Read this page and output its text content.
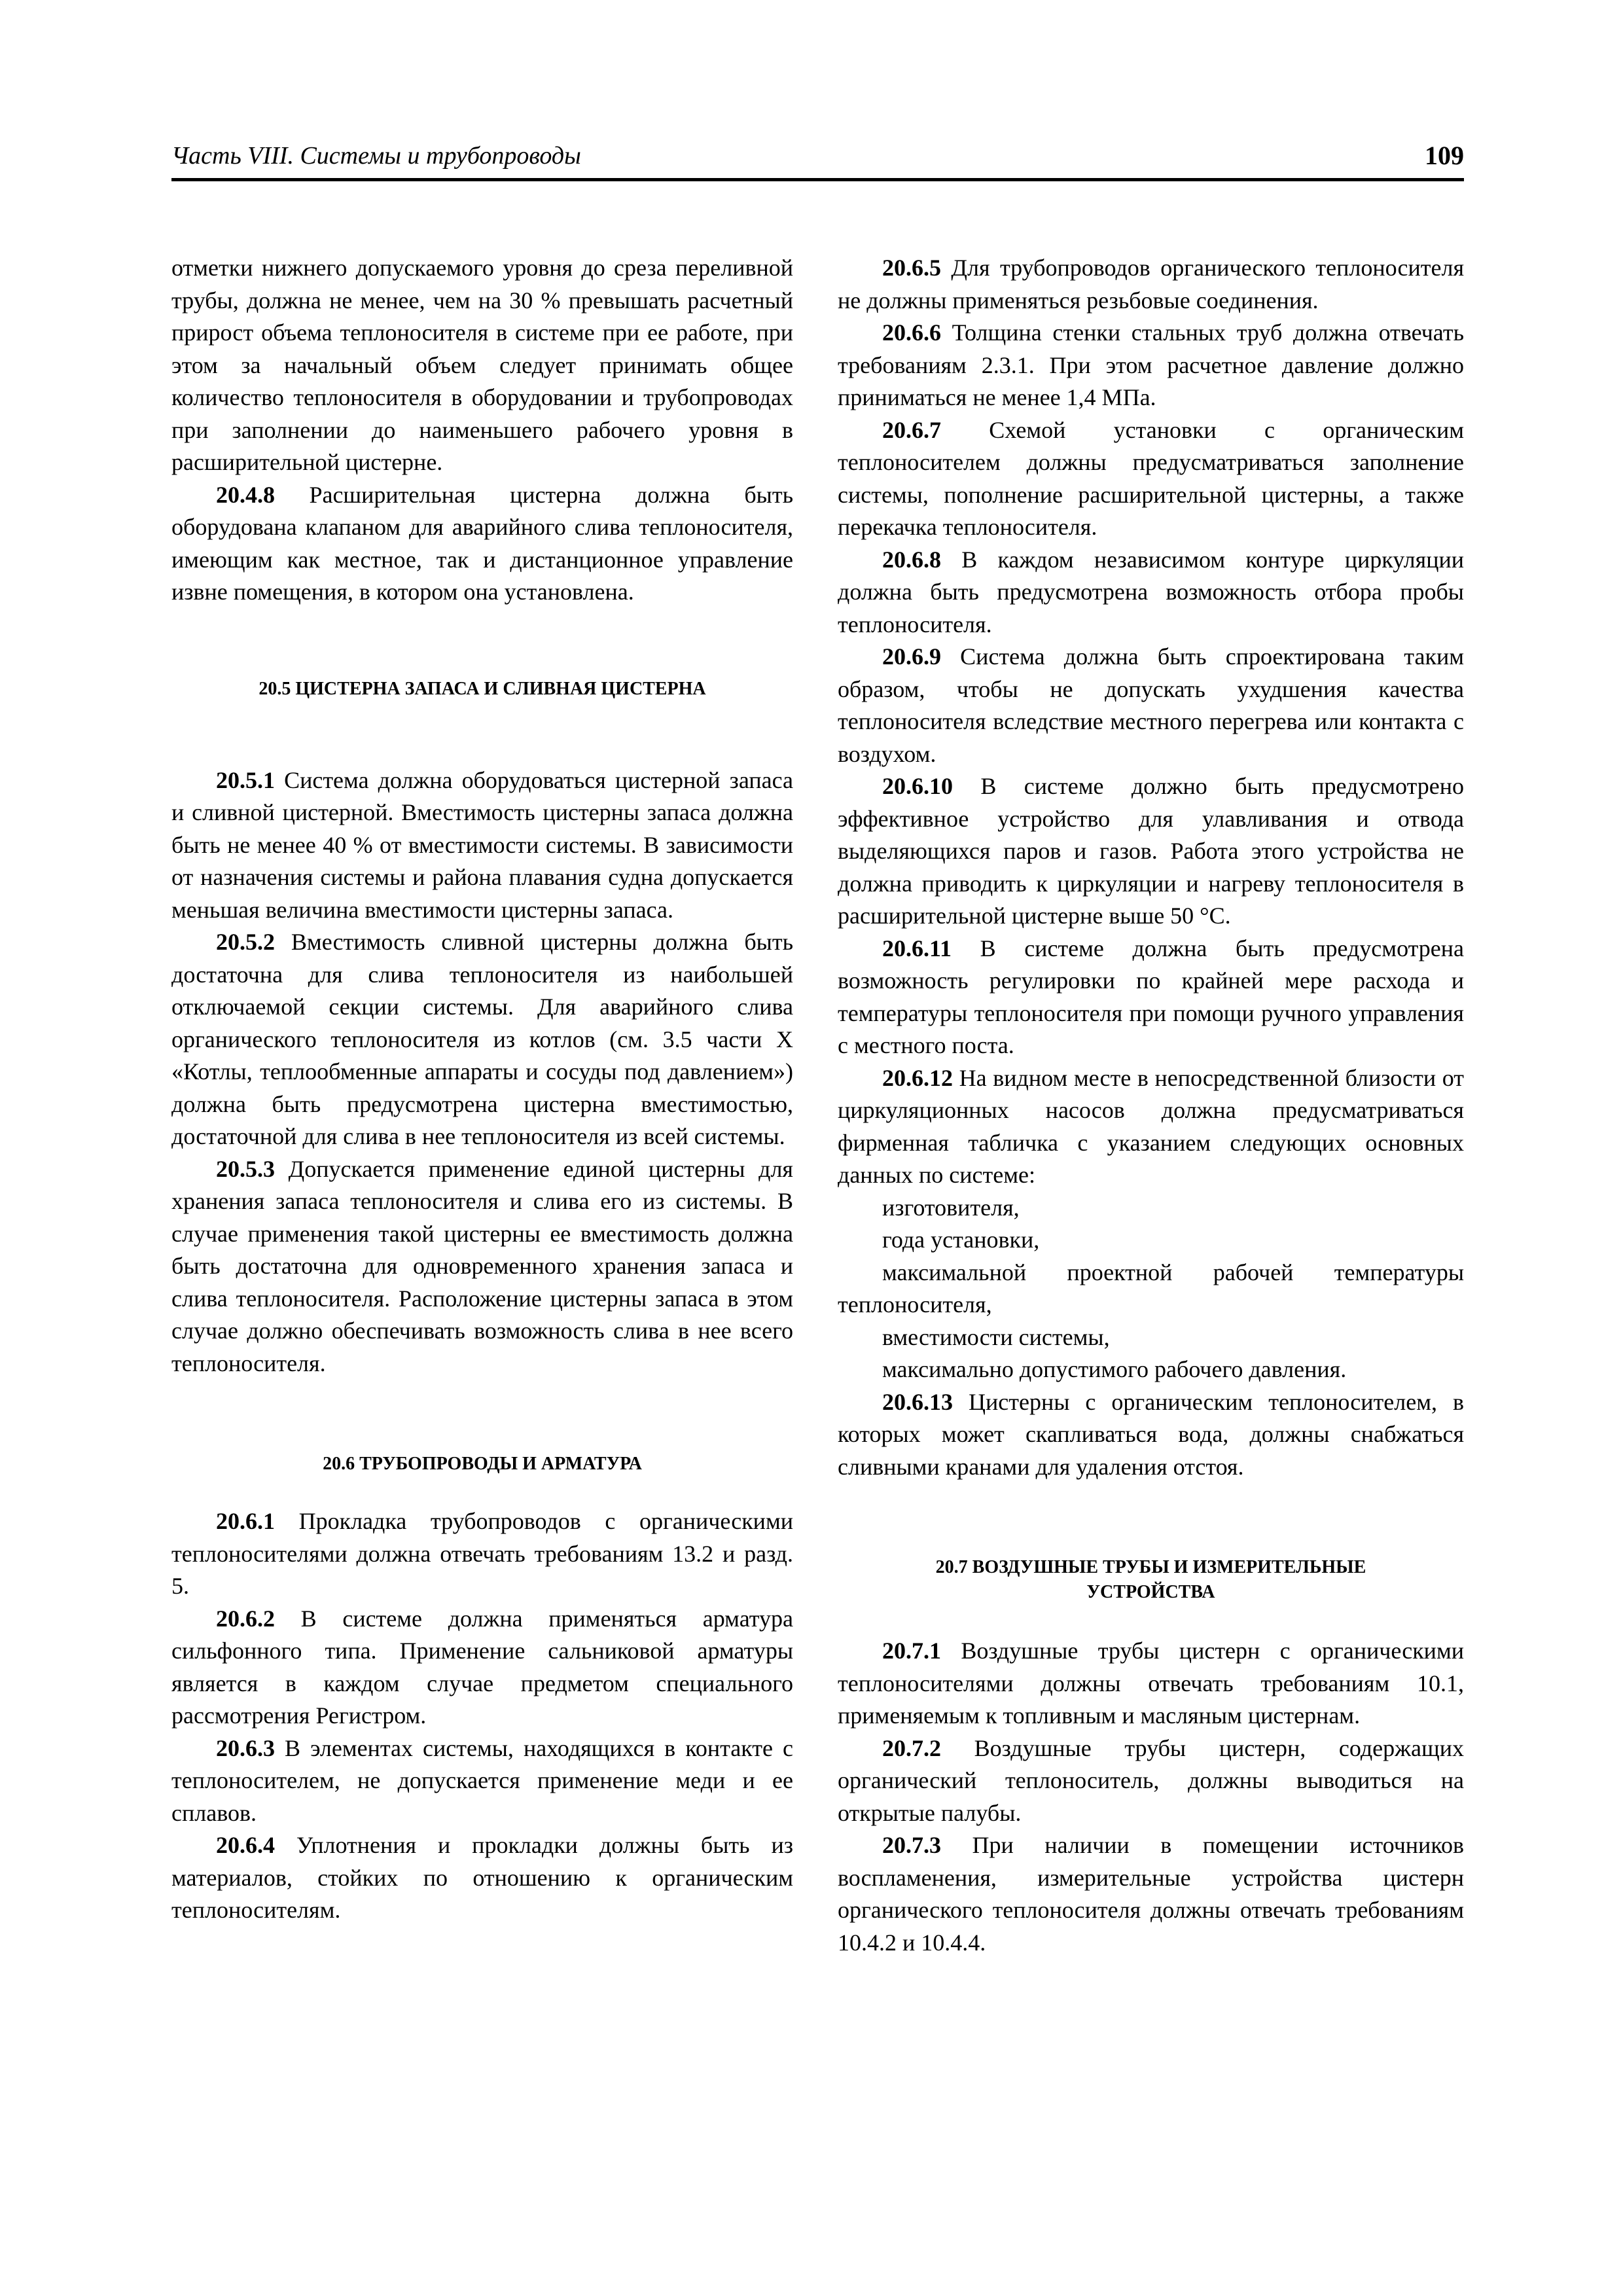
Часть VIII. Системы и трубопроводы	109

отметки нижнего допускаемого уровня до среза переливной трубы, должна не менее, чем на 30 % превышать расчетный прирост объема теплоносителя в системе при ее работе, при этом за начальный объем следует принимать общее количество теплоносителя в оборудовании и трубопроводах при заполнении до наименьшего рабочего уровня в расширительной цистерне.

20.4.8 Расширительная цистерна должна быть оборудована клапаном для аварийного слива теплоносителя, имеющим как местное, так и дистанционное управление извне помещения, в котором она установлена.

20.5 ЦИСТЕРНА ЗАПАСА И СЛИВНАЯ ЦИСТЕРНА

20.5.1 Система должна оборудоваться цистерной запаса и сливной цистерной. Вместимость цистерны запаса должна быть не менее 40 % от вместимости системы. В зависимости от назначения системы и района плавания судна допускается меньшая величина вместимости цистерны запаса.

20.5.2 Вместимость сливной цистерны должна быть достаточна для слива теплоносителя из наибольшей отключаемой секции системы. Для аварийного слива органического теплоносителя из котлов (см. 3.5 части X «Котлы, теплообменные аппараты и сосуды под давлением») должна быть предусмотрена цистерна вместимостью, достаточной для слива в нее теплоносителя из всей системы.

20.5.3 Допускается применение единой цистерны для хранения запаса теплоносителя и слива его из системы. В случае применения такой цистерны ее вместимость должна быть достаточна для одновременного хранения запаса и слива теплоносителя. Расположение цистерны запаса в этом случае должно обеспечивать возможность слива в нее всего теплоносителя.

20.6 ТРУБОПРОВОДЫ И АРМАТУРА

20.6.1 Прокладка трубопроводов с органическими теплоносителями должна отвечать требованиям 13.2 и разд. 5.

20.6.2 В системе должна применяться арматура сильфонного типа. Применение сальниковой арматуры является в каждом случае предметом специального рассмотрения Регистром.

20.6.3 В элементах системы, находящихся в контакте с теплоносителем, не допускается применение меди и ее сплавов.

20.6.4 Уплотнения и прокладки должны быть из материалов, стойких по отношению к органическим теплоносителям.

20.6.5 Для трубопроводов органического теплоносителя не должны применяться резьбовые соединения.

20.6.6 Толщина стенки стальных труб должна отвечать требованиям 2.3.1. При этом расчетное давление должно приниматься не менее 1,4 МПа.

20.6.7 Схемой установки с органическим теплоносителем должны предусматриваться заполнение системы, пополнение расширительной цистерны, а также перекачка теплоносителя.

20.6.8 В каждом независимом контуре циркуляции должна быть предусмотрена возможность отбора пробы теплоносителя.

20.6.9 Система должна быть спроектирована таким образом, чтобы не допускать ухудшения качества теплоносителя вследствие местного перегрева или контакта с воздухом.

20.6.10 В системе должно быть предусмотрено эффективное устройство для улавливания и отвода выделяющихся паров и газов. Работа этого устройства не должна приводить к циркуляции и нагреву теплоносителя в расширительной цистерне выше 50 °С.

20.6.11 В системе должна быть предусмотрена возможность регулировки по крайней мере расхода и температуры теплоносителя при помощи ручного управления с местного поста.

20.6.12 На видном месте в непосредственной близости от циркуляционных насосов должна предусматриваться фирменная табличка с указанием следующих основных данных по системе:

изготовителя,

года установки,

максимальной проектной рабочей температуры теплоносителя,

вместимости системы,

максимально допустимого рабочего давления.

20.6.13 Цистерны с органическим теплоносителем, в которых может скапливаться вода, должны снабжаться сливными кранами для удаления отстоя.

20.7 ВОЗДУШНЫЕ ТРУБЫ И ИЗМЕРИТЕЛЬНЫЕ
УСТРОЙСТВА

20.7.1 Воздушные трубы цистерн с органическими теплоносителями должны отвечать требованиям 10.1, применяемым к топливным и масляным цистернам.

20.7.2 Воздушные трубы цистерн, содержащих органический теплоноситель, должны выводиться на открытые палубы.

20.7.3 При наличии в помещении источников воспламенения, измерительные устройства цистерн органического теплоносителя должны отвечать требованиям 10.4.2 и 10.4.4.
